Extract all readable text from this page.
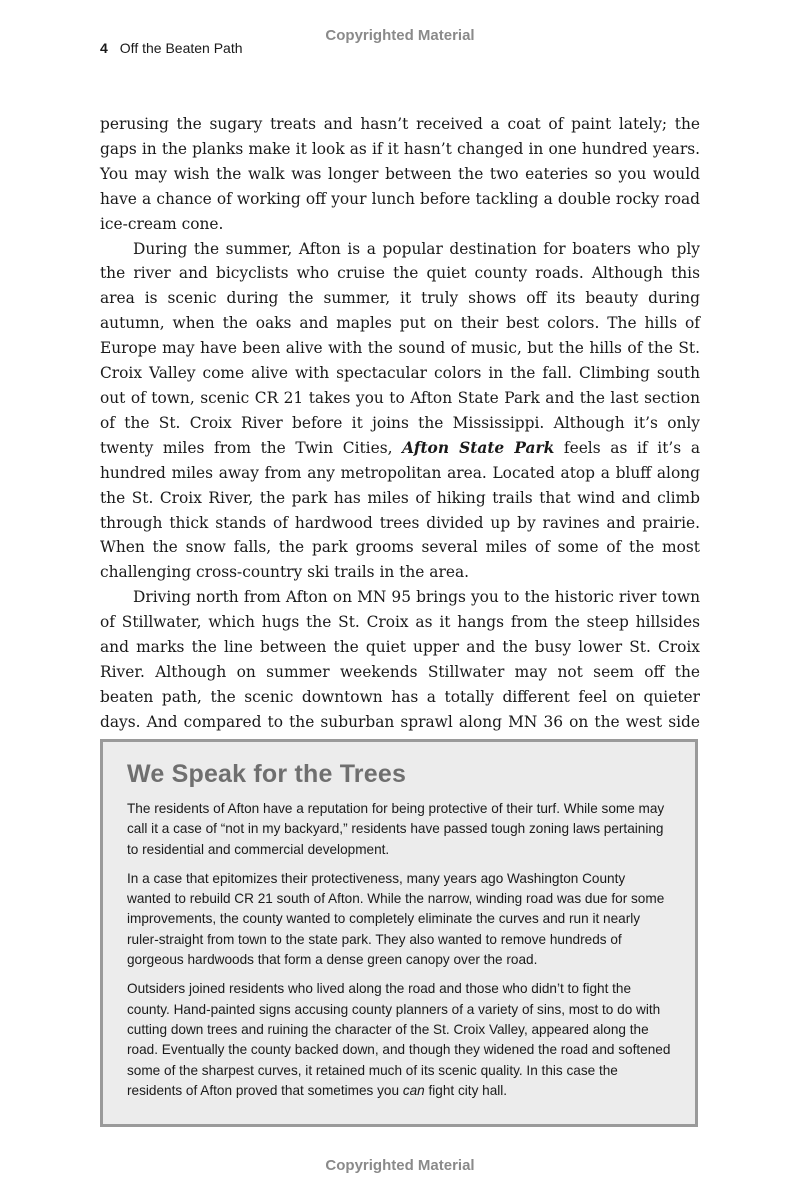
Copyrighted Material
4 Off the Beaten Path

perusing the sugary treats and hasn’t received a coat of paint lately; the gaps in the planks make it look as if it hasn’t changed in one hundred years. You may wish the walk was longer between the two eateries so you would have a chance of working off your lunch before tackling a double rocky road ice-cream cone.

During the summer, Afton is a popular destination for boaters who ply the river and bicyclists who cruise the quiet county roads. Although this area is scenic during the summer, it truly shows off its beauty during autumn, when the oaks and maples put on their best colors. The hills of Europe may have been alive with the sound of music, but the hills of the St. Croix Valley come alive with spectacular colors in the fall. Climbing south out of town, scenic CR 21 takes you to Afton State Park and the last section of the St. Croix River before it joins the Mississippi. Although it’s only twenty miles from the Twin Cities, Afton State Park feels as if it’s a hundred miles away from any metropolitan area. Located atop a bluff along the St. Croix River, the park has miles of hiking trails that wind and climb through thick stands of hardwood trees divided up by ravines and prairie. When the snow falls, the park grooms several miles of some of the most challenging cross-country ski trails in the area.

Driving north from Afton on MN 95 brings you to the historic river town of Stillwater, which hugs the St. Croix as it hangs from the steep hillsides and marks the line between the quiet upper and the busy lower St. Croix River. Although on summer weekends Stillwater may not seem off the beaten path, the scenic downtown has a totally different feel on quieter days. And compared to the suburban sprawl along MN 36 on the west side

We Speak for the Trees

The residents of Afton have a reputation for being protective of their turf. While some may call it a case of “not in my backyard,” residents have passed tough zoning laws pertaining to residential and commercial development.

In a case that epitomizes their protectiveness, many years ago Washington County wanted to rebuild CR 21 south of Afton. While the narrow, winding road was due for some improvements, the county wanted to completely eliminate the curves and run it nearly ruler-straight from town to the state park. They also wanted to remove hundreds of gorgeous hardwoods that form a dense green canopy over the road.

Outsiders joined residents who lived along the road and those who didn’t to fight the county. Hand-painted signs accusing county planners of a variety of sins, most to do with cutting down trees and ruining the character of the St. Croix Valley, appeared along the road. Eventually the county backed down, and though they widened the road and softened some of the sharpest curves, it retained much of its scenic quality. In this case the residents of Afton proved that sometimes you can fight city hall.

Copyrighted Material
